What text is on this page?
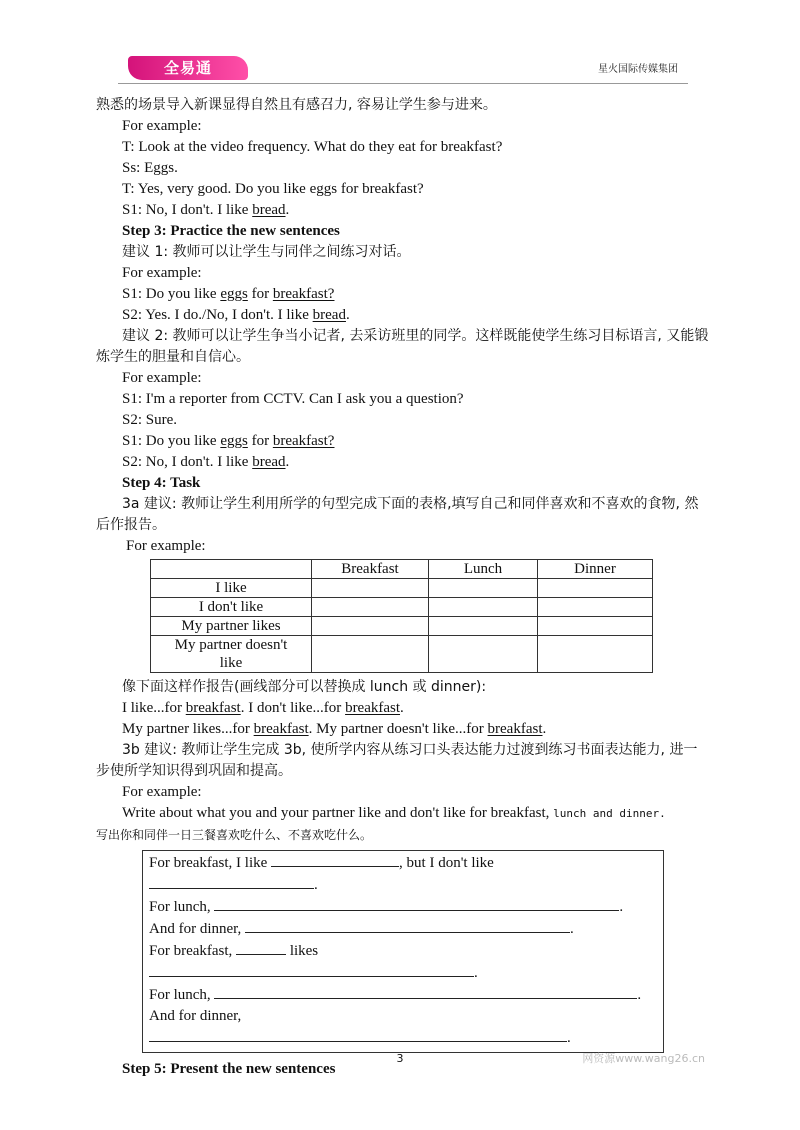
全易通	星火国际传媒集团

熟悉的场景导入新课显得自然且有感召力, 容易让学生参与进来。

For example:

T: Look at the video frequency. What do they eat for breakfast?

Ss: Eggs.

T: Yes, very good. Do you like eggs for breakfast?

S1: No, I don't. I like bread.

Step 3: Practice the new sentences

建议 1: 教师可以让学生与同伴之间练习对话。

For example:

S1: Do you like eggs for breakfast?

S2: Yes. I do./No, I don't. I like bread.

建议 2: 教师可以让学生争当小记者, 去采访班里的同学。这样既能使学生练习目标语言, 又能锻炼学生的胆量和自信心。

For example:

S1: I'm a reporter from CCTV. Can I ask you a question?

S2: Sure.

S1: Do you like eggs for breakfast?

S2: No, I don't. I like bread.

Step 4: Task

3a 建议: 教师让学生利用所学的句型完成下面的表格,填写自己和同伴喜欢和不喜欢的食物, 然后作报告。

For example:

	Breakfast	Lunch	Dinner
I like			
I don't like			
My partner likes			
My partner doesn't like			

像下面这样作报告(画线部分可以替换成 lunch 或 dinner):

I like...for breakfast. I don't like...for breakfast.

My partner likes...for breakfast. My partner doesn't like...for breakfast.

3b 建议: 教师让学生完成 3b, 使所学内容从练习口头表达能力过渡到练习书面表达能力, 进一步使所学知识得到巩固和提高。

For example:

Write about what you and your partner like and don't like for breakfast, lunch and dinner.

写出你和同伴一日三餐喜欢吃什么、不喜欢吃什么。

For breakfast, I like	, but I don't like
.
For lunch,	.
And for dinner,	.
For breakfast,	likes
.
For lunch,	.
And for dinner,
.

Step 5: Present the new sentences

3	网资源www.wang26.cn
